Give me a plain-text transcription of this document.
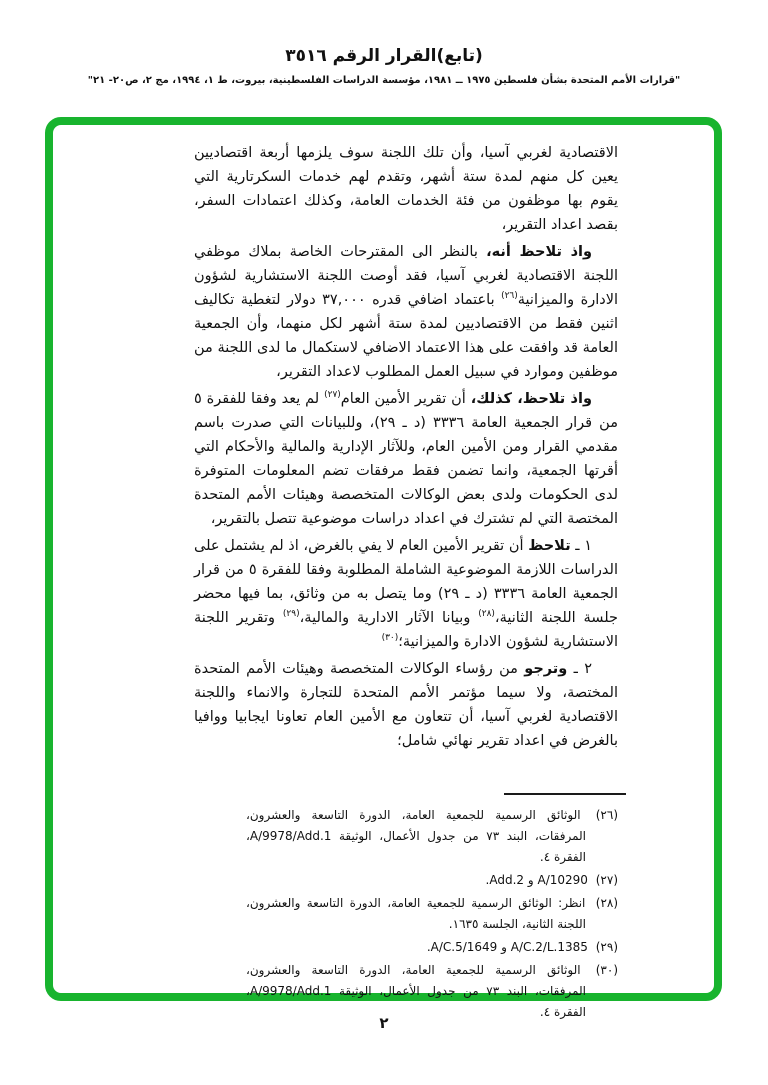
(تابع)القرار الرقم ٣٥١٦
"قرارات الأمم المتحدة بشأن فلسطين ١٩٧٥ ــ ١٩٨١، مؤسسة الدراسات الفلسطينية، بيروت، ط ١، ١٩٩٤، مج ٢، ص٢٠- ٢١"

الاقتصادية لغربي آسيا، وأن تلك اللجنة سوف يلزمها أربعة اقتصاديين يعين كل منهم لمدة ستة أشهر، وتقدم لهم خدمات السكرتارية التي يقوم بها موظفون من فئة الخدمات العامة، وكذلك اعتمادات السفر، بقصد اعداد التقرير،

واذ تلاحظ أنه، بالنظر الى المقترحات الخاصة بملاك موظفي اللجنة الاقتصادية لغربي آسيا، فقد أوصت اللجنة الاستشارية لشؤون الادارة والميزانية$^{(٢٦)}$ باعتماد اضافي قدره ٣٧,٠٠٠ دولار لتغطية تكاليف اثنين فقط من الاقتصاديين لمدة ستة أشهر لكل منهما، وأن الجمعية العامة قد وافقت على هذا الاعتماد الاضافي لاستكمال ما لدى اللجنة من موظفين وموارد في سبيل العمل المطلوب لاعداد التقرير،

واذ تلاحظ، كذلك، أن تقرير الأمين العام$^{(٢٧)}$ لم يعد وفقا للفقرة ٥ من قرار الجمعية العامة ٣٣٣٦ (د ـ ٢٩)، وللبيانات التي صدرت باسم مقدمي القرار ومن الأمين العام، وللآثار الإدارية والمالية والأحكام التي أقرتها الجمعية، وانما تضمن فقط مرفقات تضم المعلومات المتوفرة لدى الحكومات ولدى بعض الوكالات المتخصصة وهيئات الأمم المتحدة المختصة التي لم تشترك في اعداد دراسات موضوعية تتصل بالتقرير،

١ ـ تلاحظ أن تقرير الأمين العام لا يفي بالغرض، اذ لم يشتمل على الدراسات اللازمة الموضوعية الشاملة المطلوبة وفقا للفقرة ٥ من قرار الجمعية العامة ٣٣٣٦ (د ـ ٢٩) وما يتصل به من وثائق، بما فيها محضر جلسة اللجنة الثانية،$^{(٢٨)}$ وبيانا الآثار الادارية والمالية،$^{(٢٩)}$ وتقرير اللجنة الاستشارية لشؤون الادارة والميزانية؛$^{(٣٠)}$

٢ ـ وترجو من رؤساء الوكالات المتخصصة وهيئات الأمم المتحدة المختصة، ولا سيما مؤتمر الأمم المتحدة للتجارة والانماء واللجنة الاقتصادية لغربي آسيا، أن تتعاون مع الأمين العام تعاونا ايجابيا ووافيا بالغرض في اعداد تقرير نهائي شامل؛

(٢٦) الوثائق الرسمية للجمعية العامة، الدورة التاسعة والعشرون، المرفقات، البند ٧٣ من جدول الأعمال، الوثيقة A/9978/Add.1، الفقرة ٤.

(٢٧) A/10290 و Add.2.

(٢٨) انظر: الوثائق الرسمية للجمعية العامة، الدورة التاسعة والعشرون، اللجنة الثانية، الجلسة ١٦٣٥.

(٢٩) A/C.2/L.1385 و A/C.5/1649.

(٣٠) الوثائق الرسمية للجمعية العامة، الدورة التاسعة والعشرون، المرفقات، البند ٧٣ من جدول الأعمال، الوثيقة A/9978/Add.1، الفقرة ٤.

٢
